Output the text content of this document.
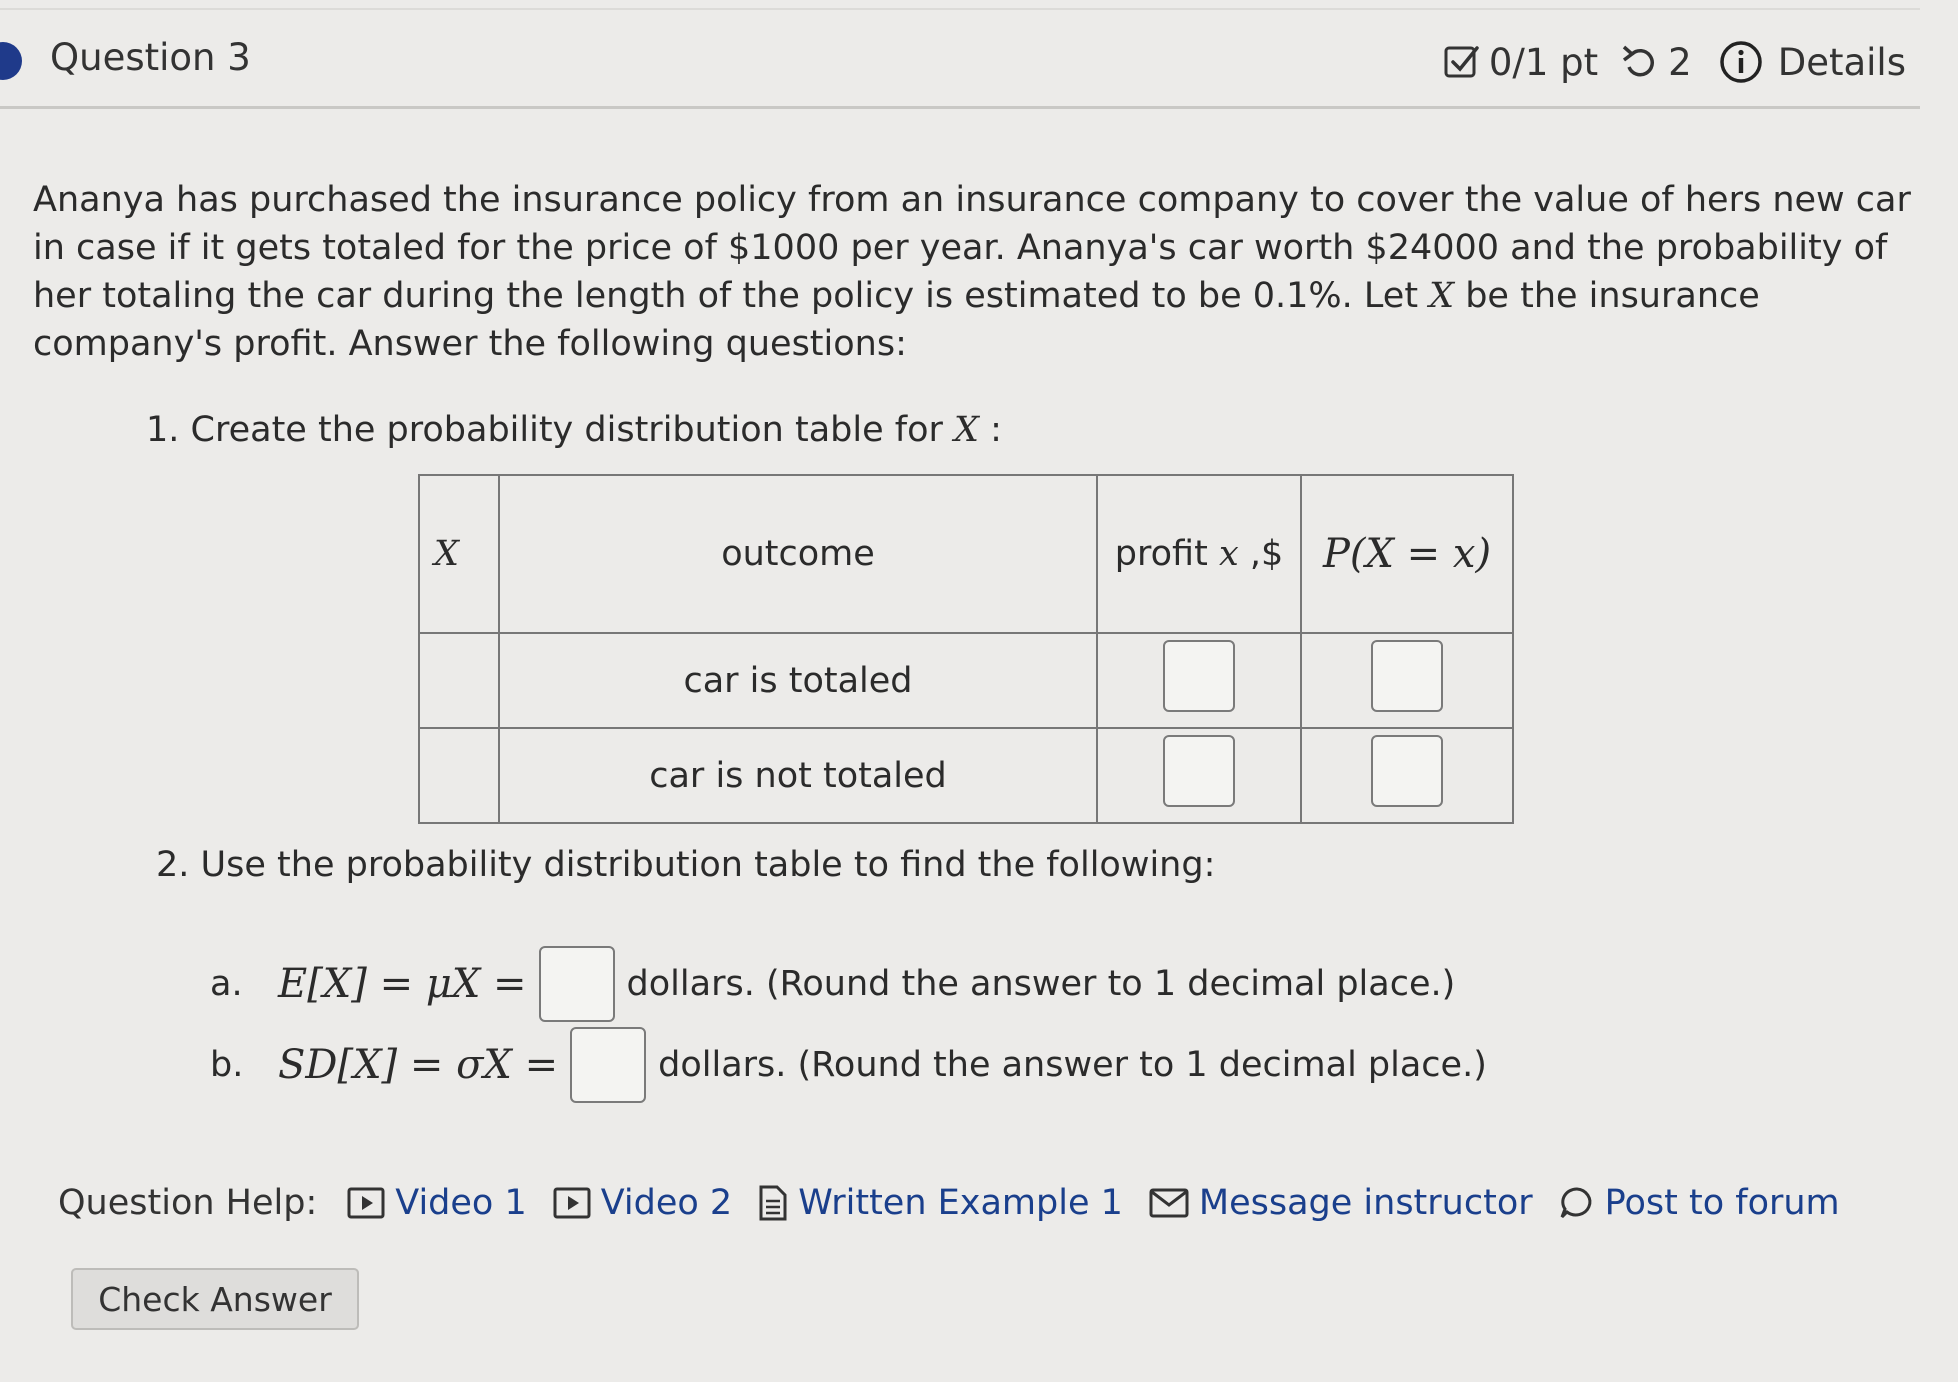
Question 3	0/1 pt 2 Details
Ananya has purchased the insurance policy from an insurance company to cover the value of hers new car in case if it gets totaled for the price of $1000 per year. Ananya's car worth $24000 and the probability of her totaling the car during the length of the policy is estimated to be 0.1%. Let X be the insurance company's profit. Answer the following questions:
1. Create the probability distribution table for X :
X	outcome	profit x ,$	P(X = x)
	car is totaled		
	car is not totaled		
2. Use the probability distribution table to find the following:
a. E[X] = μX =	dollars. (Round the answer to 1 decimal place.)
b. SD[X] = σX =	dollars. (Round the answer to 1 decimal place.)
Question Help: Video 1 Video 2 Written Example 1 Message instructor Post to forum
Check Answer
